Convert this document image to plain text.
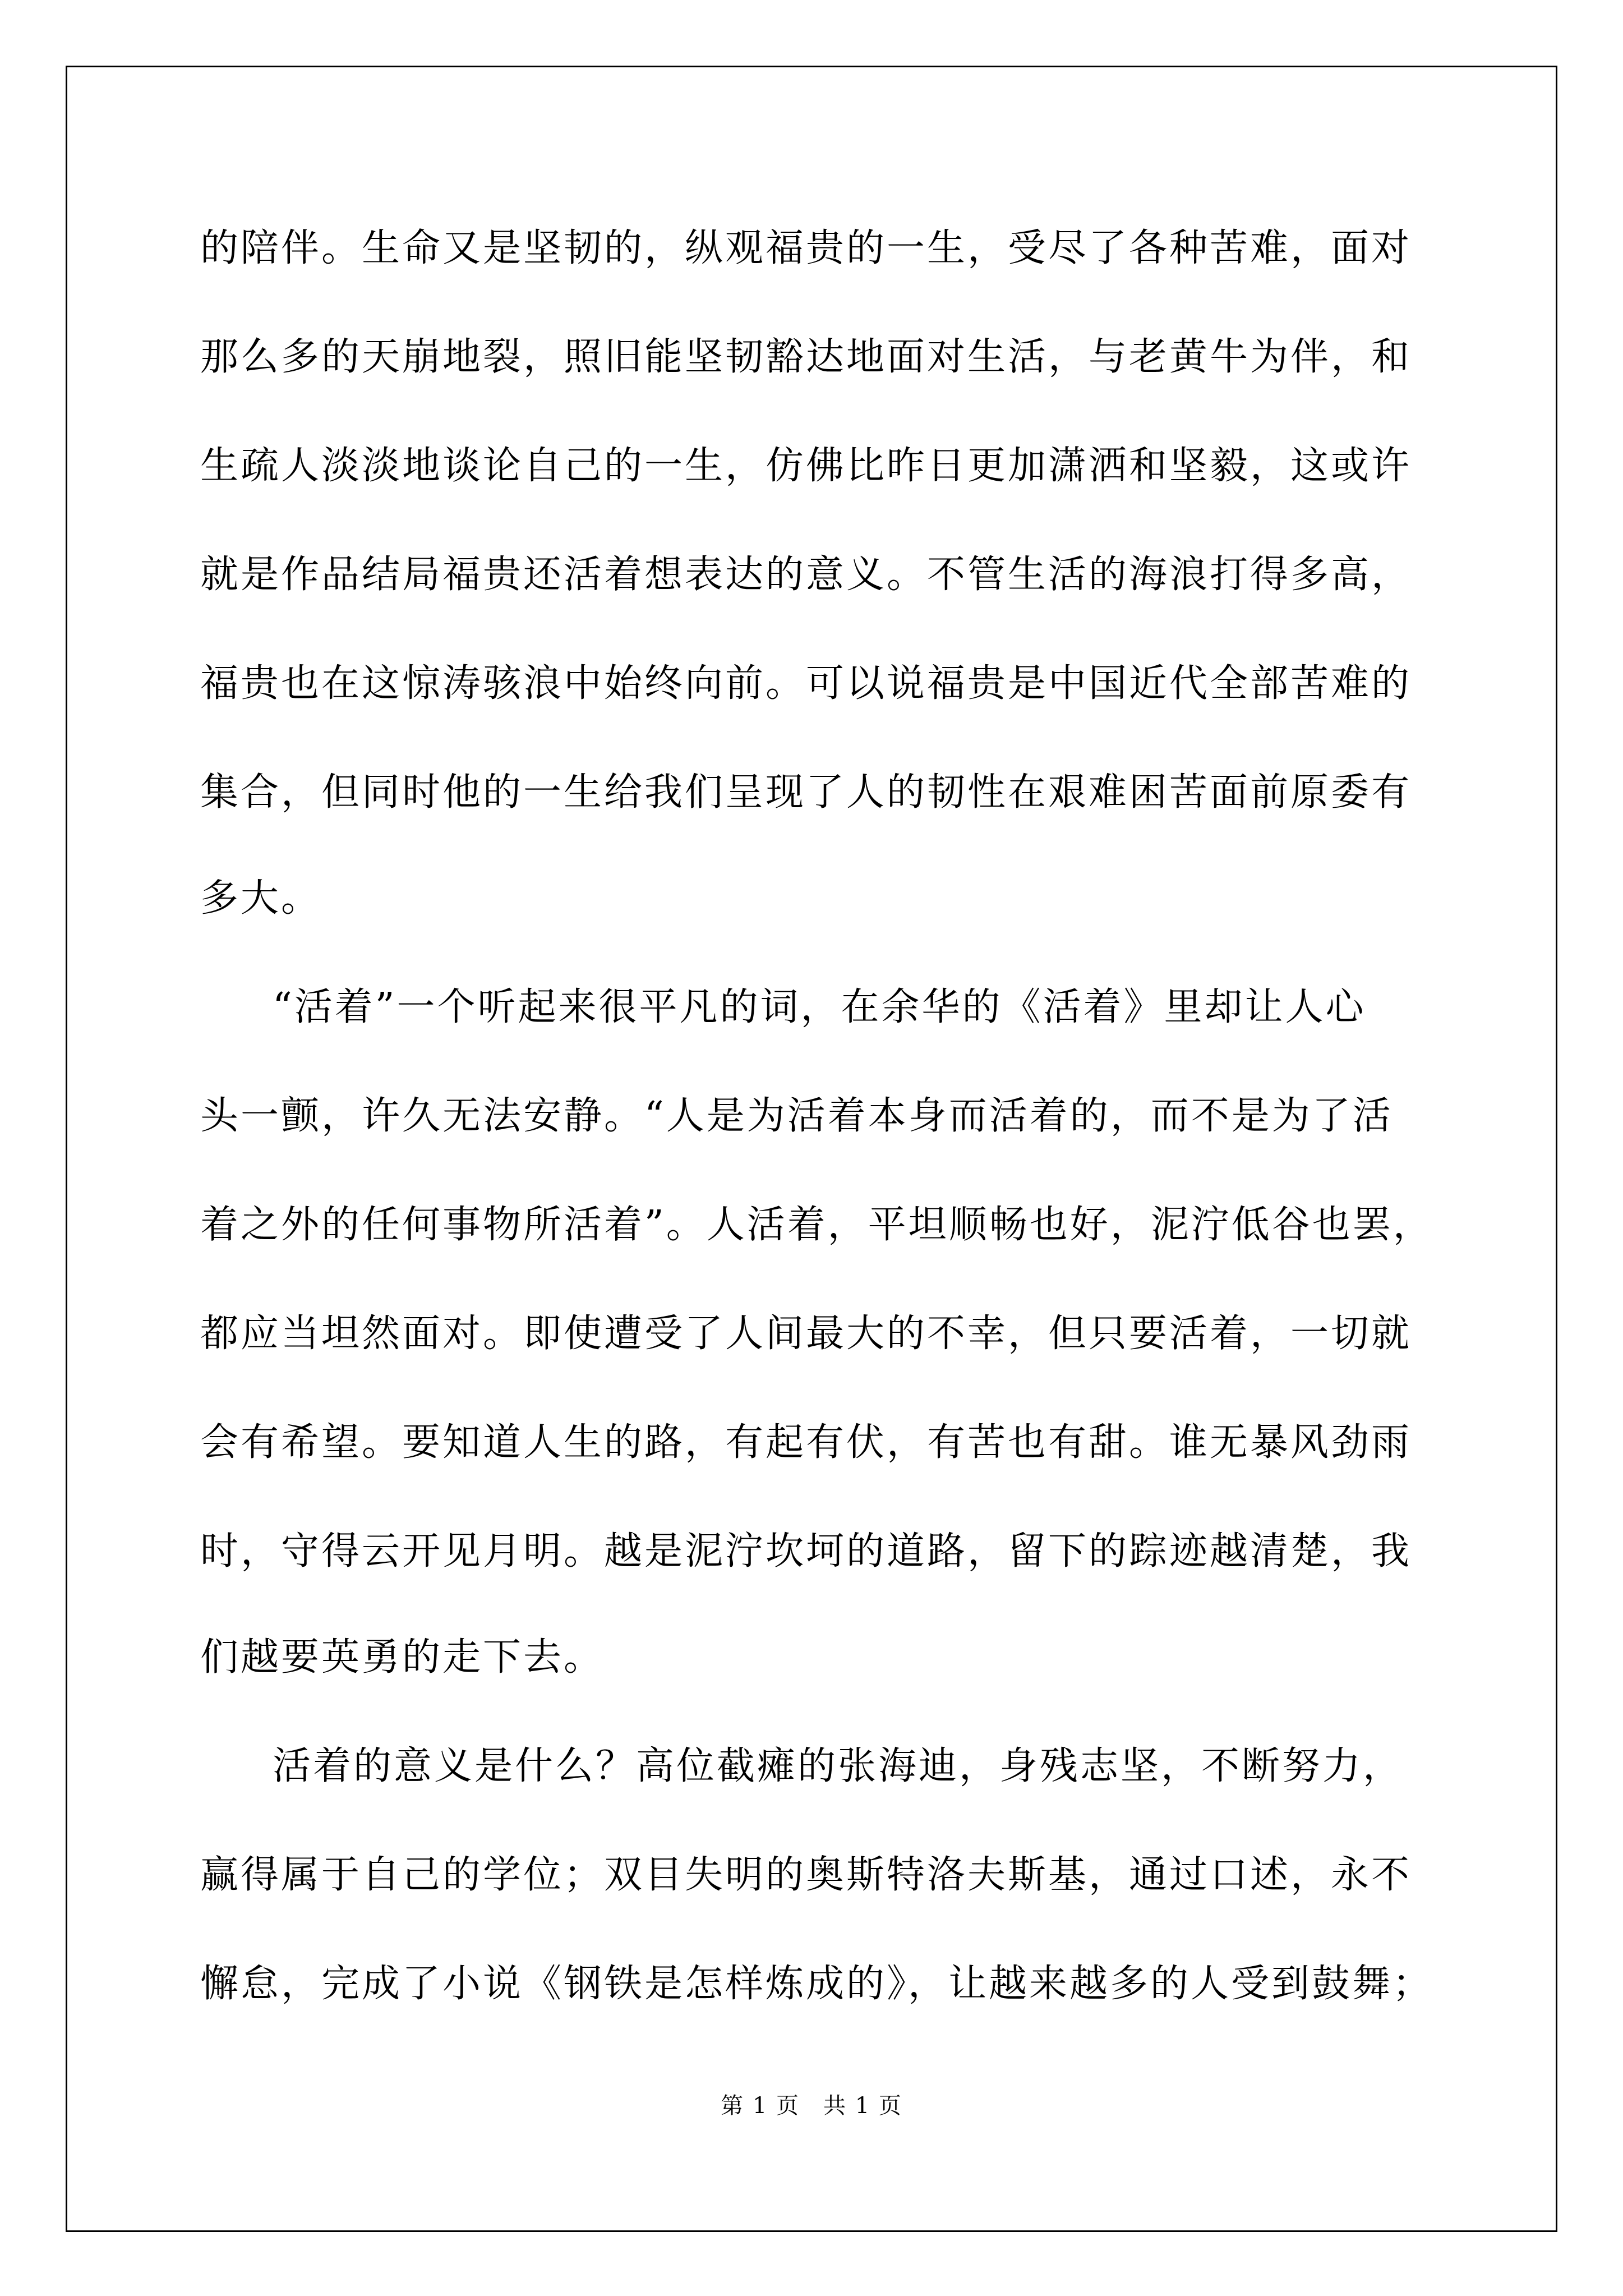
的陪伴。生命又是坚韧的，纵观福贵的一生，受尽了各种苦难，面对
那么多的天崩地裂，照旧能坚韧豁达地面对生活，与老黄牛为伴，和
生疏人淡淡地谈论自己的一生，仿佛比昨日更加潇洒和坚毅，这或许
就是作品结局福贵还活着想表达的意义。不管生活的海浪打得多高，
福贵也在这惊涛骇浪中始终向前。可以说福贵是中国近代全部苦难的
集合，但同时他的一生给我们呈现了人的韧性在艰难困苦面前原委有
多大。
“活着”一个听起来很平凡的词，在余华的《活着》里却让人心
头一颤，许久无法安静。“人是为活着本身而活着的，而不是为了活
着之外的任何事物所活着”。人活着，平坦顺畅也好，泥泞低谷也罢，
都应当坦然面对。即使遭受了人间最大的不幸，但只要活着，一切就
会有希望。要知道人生的路，有起有伏，有苦也有甜。谁无暴风劲雨
时，守得云开见月明。越是泥泞坎坷的道路，留下的踪迹越清楚，我
们越要英勇的走下去。
活着的意义是什么？高位截瘫的张海迪，身残志坚，不断努力，
赢得属于自己的学位；双目失明的奥斯特洛夫斯基，通过口述，永不
懈怠，完成了小说《钢铁是怎样炼成的》，让越来越多的人受到鼓舞；
第 1 页　共 1 页
